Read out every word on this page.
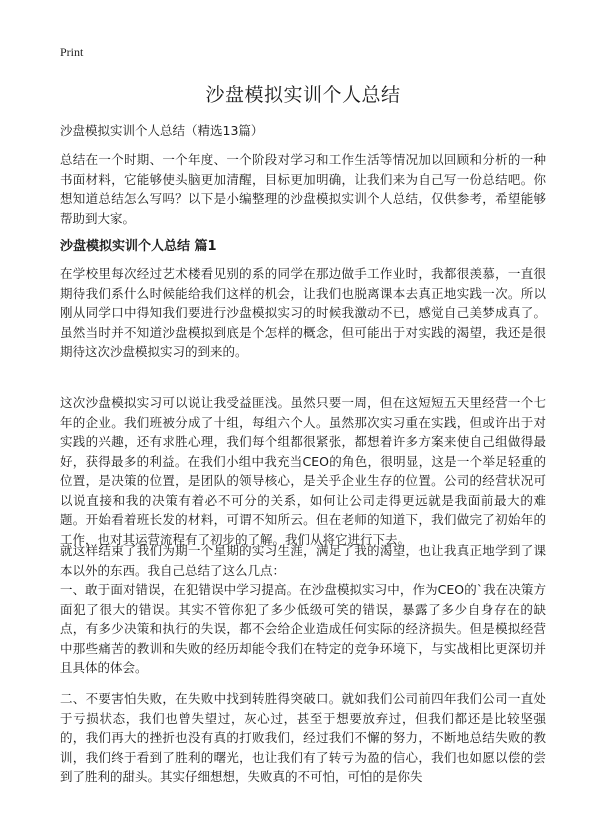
Print
沙盘模拟实训个人总结
沙盘模拟实训个人总结（精选13篇）

总结在一个时期、一个年度、一个阶段对学习和工作生活等情况加以回顾和分析的一种书面材料，它能够使头脑更加清醒，目标更加明确，让我们来为自己写一份总结吧。你想知道总结怎么写吗？以下是小编整理的沙盘模拟实训个人总结，仅供参考，希望能够帮助到大家。

沙盘模拟实训个人总结 篇1

在学校里每次经过艺术楼看见别的系的同学在那边做手工作业时，我都很羡慕，一直很期待我们系什么时候能给我们这样的机会，让我们也脱离课本去真正地实践一次。所以刚从同学口中得知我们要进行沙盘模拟实习的时候我激动不已，感觉自己美梦成真了。虽然当时并不知道沙盘模拟到底是个怎样的概念，但可能出于对实践的渴望，我还是很期待这次沙盘模拟实习的到来的。

这次沙盘模拟实习可以说让我受益匪浅。虽然只要一周，但在这短短五天里经营一个七年的企业。我们班被分成了十组，每组六个人。虽然那次实习重在实践，但或许出于对实践的兴趣，还有求胜心理，我们每个组都很紧张，都想着许多方案来使自己组做得最好，获得最多的利益。在我们小组中我充当CEO的角色，很明显，这是一个举足轻重的位置，是决策的位置，是团队的领导核心，是关乎企业生存的位置。公司的经营状况可以说直接和我的决策有着必不可分的关系，如何让公司走得更远就是我面前最大的难题。开始看着班长发的材料，可谓不知所云。但在老师的知道下，我们做完了初始年的工作，也对其运营流程有了初步的了解。我们从将它进行下去。

就这样结束了我们为期一个星期的实习生涯，满足了我的渴望，也让我真正地学到了课本以外的东西。我自己总结了这么几点：

一、敢于面对错误，在犯错误中学习提高。在沙盘模拟实习中，作为CEO的`我在决策方面犯了很大的错误。其实不管你犯了多少低级可笑的错误，暴露了多少自身存在的缺点，有多少决策和执行的失误，都不会给企业造成任何实际的经济损失。但是模拟经营中那些痛苦的教训和失败的经历却能令我们在特定的竞争环境下，与实战相比更深切并且具体的体会。

二、不要害怕失败，在失败中找到转胜得突破口。就如我们公司前四年我们公司一直处于亏损状态，我们也曾失望过，灰心过，甚至于想要放弃过，但我们都还是比较坚强的，我们再大的挫折也没有真的打败我们，经过我们不懈的努力，不断地总结失败的教训，我们终于看到了胜利的曙光，也让我们有了转亏为盈的信心，我们也如愿以偿的尝到了胜利的甜头。其实仔细想想，失败真的不可怕，可怕的是你失
